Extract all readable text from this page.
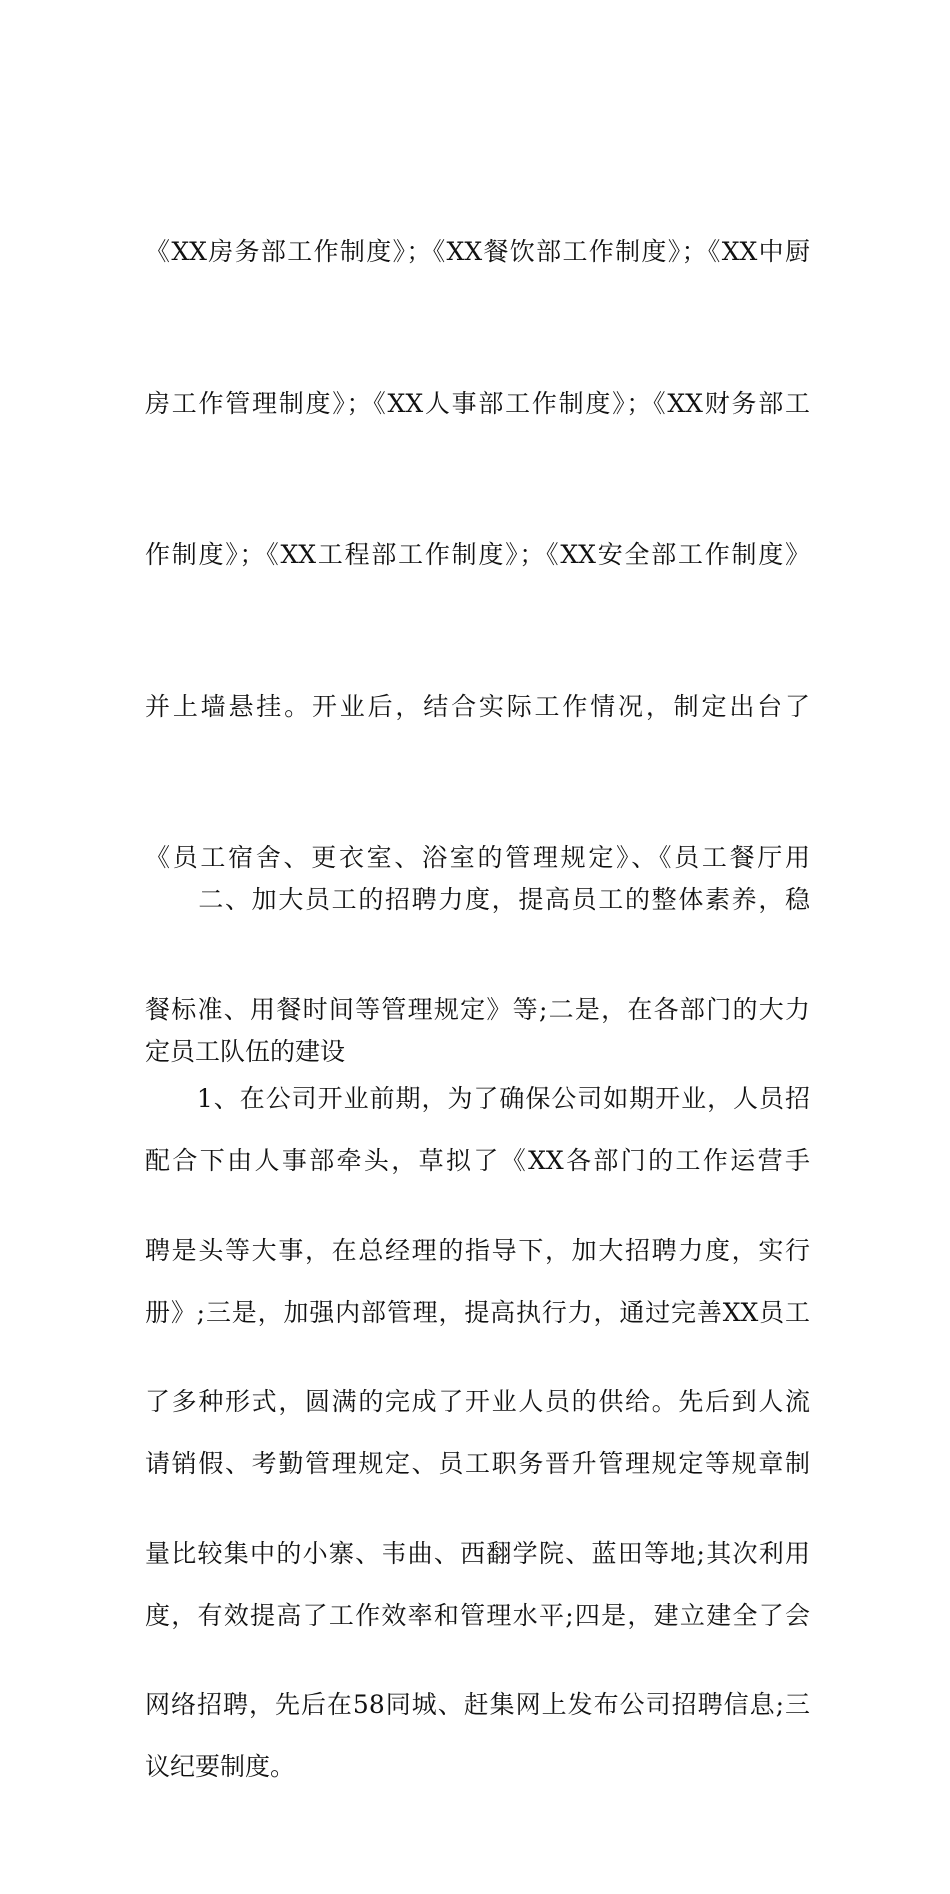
《XX房务部工作制度》；《XX餐饮部工作制度》；《XX中厨

房工作管理制度》；《XX人事部工作制度》；《XX财务部工

作制度》；《XX工程部工作制度》；《XX安全部工作制度》

并上墙悬挂。开业后，结合实际工作情况，制定出台了

《员工宿舍、更衣室、浴室的管理规定》、《员工餐厅用

餐标准、用餐时间等管理规定》等;二是，在各部门的大力

配合下由人事部牵头，草拟了《XX各部门的工作运营手

册》;三是，加强内部管理，提高执行力，通过完善XX员工

请销假、考勤管理规定、员工职务晋升管理规定等规章制

度，有效提高了工作效率和管理水平;四是，建立建全了会

议纪要制度。

　　二、加大员工的招聘力度，提高员工的整体素养，稳

定员工队伍的建设

　　1、在公司开业前期，为了确保公司如期开业，人员招

聘是头等大事，在总经理的指导下，加大招聘力度，实行

了多种形式，圆满的完成了开业人员的供给。先后到人流

量比较集中的小寨、韦曲、西翻学院、蓝田等地;其次利用

网络招聘，先后在58同城、赶集网上发布公司招聘信息;三
